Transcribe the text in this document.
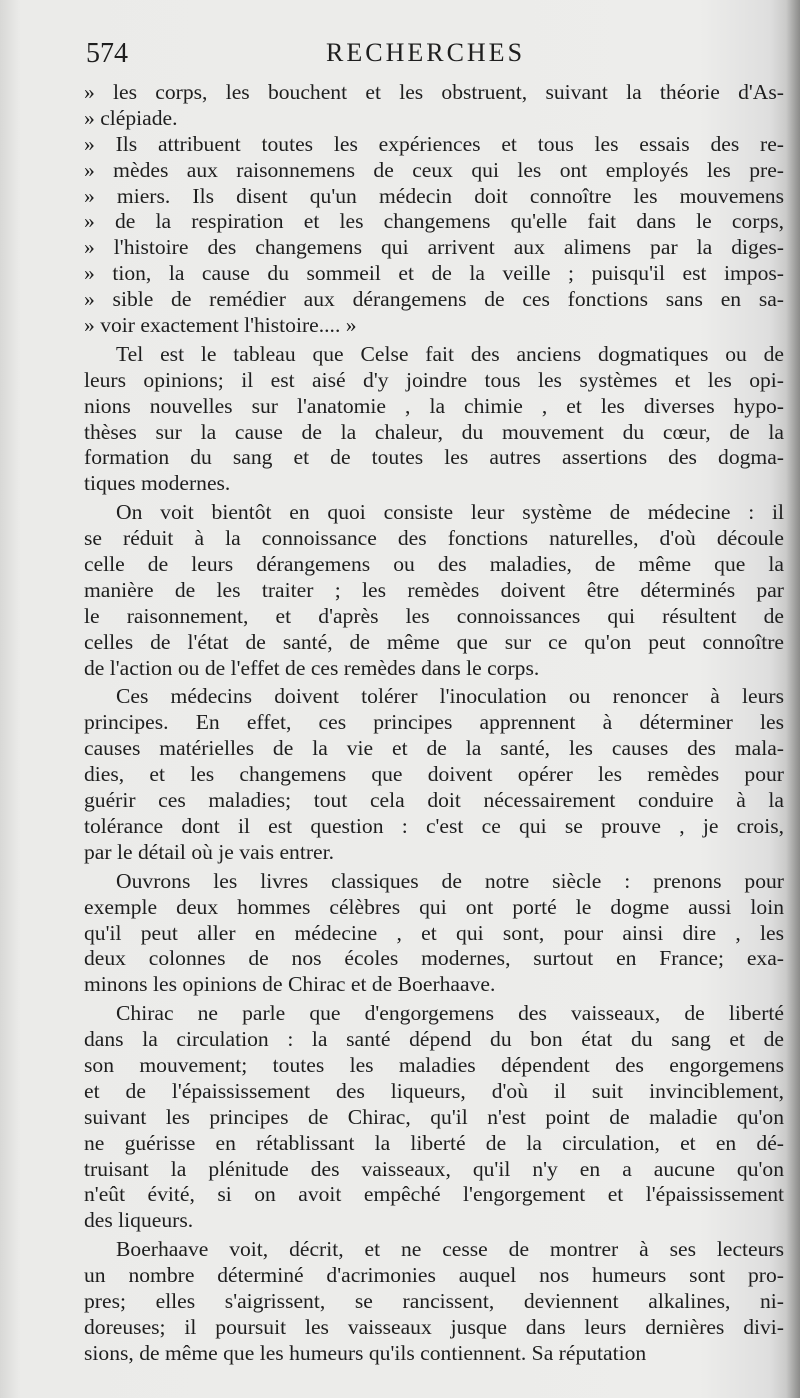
574	RECHERCHES
» les corps, les bouchent et les obstruent, suivant la théorie d'As-
» clépiade.
» Ils attribuent toutes les expériences et tous les essais des re-
» mèdes aux raisonnemens de ceux qui les ont employés les pre-
» miers. Ils disent qu'un médecin doit connoître les mouvemens
» de la respiration et les changemens qu'elle fait dans le corps,
» l'histoire des changemens qui arrivent aux alimens par la diges-
» tion, la cause du sommeil et de la veille ; puisqu'il est impos-
» sible de remédier aux dérangemens de ces fonctions sans en sa-
» voir exactement l'histoire.... »
Tel est le tableau que Celse fait des anciens dogmatiques ou de
leurs opinions; il est aisé d'y joindre tous les systèmes et les opi-
nions nouvelles sur l'anatomie , la chimie , et les diverses hypo-
thèses sur la cause de la chaleur, du mouvement du cœur, de la
formation du sang et de toutes les autres assertions des dogma-
tiques modernes.
On voit bientôt en quoi consiste leur système de médecine : il
se réduit à la connoissance des fonctions naturelles, d'où découle
celle de leurs dérangemens ou des maladies, de même que la
manière de les traiter ; les remèdes doivent être déterminés par
le raisonnement, et d'après les connoissances qui résultent de
celles de l'état de santé, de même que sur ce qu'on peut connoître
de l'action ou de l'effet de ces remèdes dans le corps.
Ces médecins doivent tolérer l'inoculation ou renoncer à leurs
principes. En effet, ces principes apprennent à déterminer les
causes matérielles de la vie et de la santé, les causes des mala-
dies, et les changemens que doivent opérer les remèdes pour
guérir ces maladies; tout cela doit nécessairement conduire à la
tolérance dont il est question : c'est ce qui se prouve , je crois,
par le détail où je vais entrer.
Ouvrons les livres classiques de notre siècle : prenons pour
exemple deux hommes célèbres qui ont porté le dogme aussi loin
qu'il peut aller en médecine , et qui sont, pour ainsi dire , les
deux colonnes de nos écoles modernes, surtout en France; exa-
minons les opinions de Chirac et de Boerhaave.
Chirac ne parle que d'engorgemens des vaisseaux, de liberté
dans la circulation : la santé dépend du bon état du sang et de
son mouvement; toutes les maladies dépendent des engorgemens
et de l'épaississement des liqueurs, d'où il suit invinciblement,
suivant les principes de Chirac, qu'il n'est point de maladie qu'on
ne guérisse en rétablissant la liberté de la circulation, et en dé-
truisant la plénitude des vaisseaux, qu'il n'y en a aucune qu'on
n'eût évité, si on avoit empêché l'engorgement et l'épaississement
des liqueurs.
Boerhaave voit, décrit, et ne cesse de montrer à ses lecteurs
un nombre déterminé d'acrimonies auquel nos humeurs sont pro-
pres; elles s'aigrissent, se rancissent, deviennent alkalines, ni-
doreuses; il poursuit les vaisseaux jusque dans leurs dernières divi-
sions, de même que les humeurs qu'ils contiennent. Sa réputation
